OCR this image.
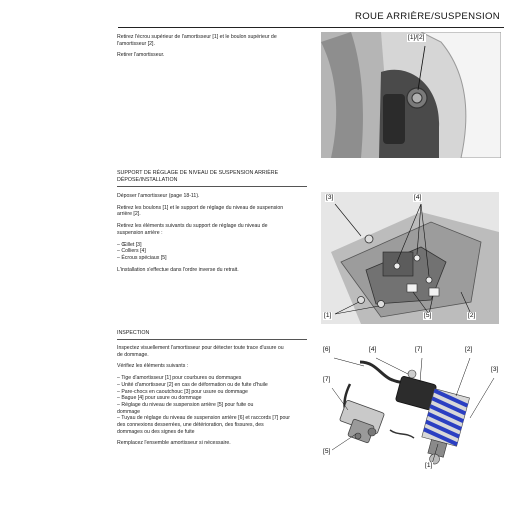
ROUE ARRIÈRE/SUSPENSION

Retirez l'écrou supérieur de l'amortisseur [1] et le boulon supérieur de

l'amortisseur [2].

Retirer l'amortisseur.

[1]/[2]
SUPPORT DE RÉGLAGE DE NIVEAU DE SUSPENSION ARRIÈRE
DÉPOSE/INSTALLATION

Déposer l'amortisseur (page 18-11).

Retirez les boulons [1] et le support de réglage du niveau de suspension

arrière [2].

Retirez les éléments suivants du support de réglage du niveau de

suspension arrière :

– Œillet [3]

– Colliers [4]

– Écrous spéciaux [5]

L'installation s'effectue dans l'ordre inverse du retrait.

[3]	[4]
[1]	[5]	[2]
INSPECTION

Inspectez visuellement l'amortisseur pour détecter toute trace d'usure ou

de dommage.

Vérifiez les éléments suivants :

– Tige d'amortisseur [1] pour courbures ou dommages

– Unité d'amortisseur [2] en cas de déformation ou de fuite d'huile

– Pare-chocs en caoutchouc [3] pour usure ou dommage

– Bague [4] pour usure ou dommage

– Réglage du niveau de suspension arrière [5] pour fuite ou

dommage

– Tuyau de réglage du niveau de suspension arrière [6] et raccords [7] pour

des connexions desserrées, une détérioration, des fissures, des

dommages ou des signes de fuite

Remplacez l'ensemble amortisseur si nécessaire.

[6]	[4]	[7]	[2]
[7]
[3]
[5]
[1]
